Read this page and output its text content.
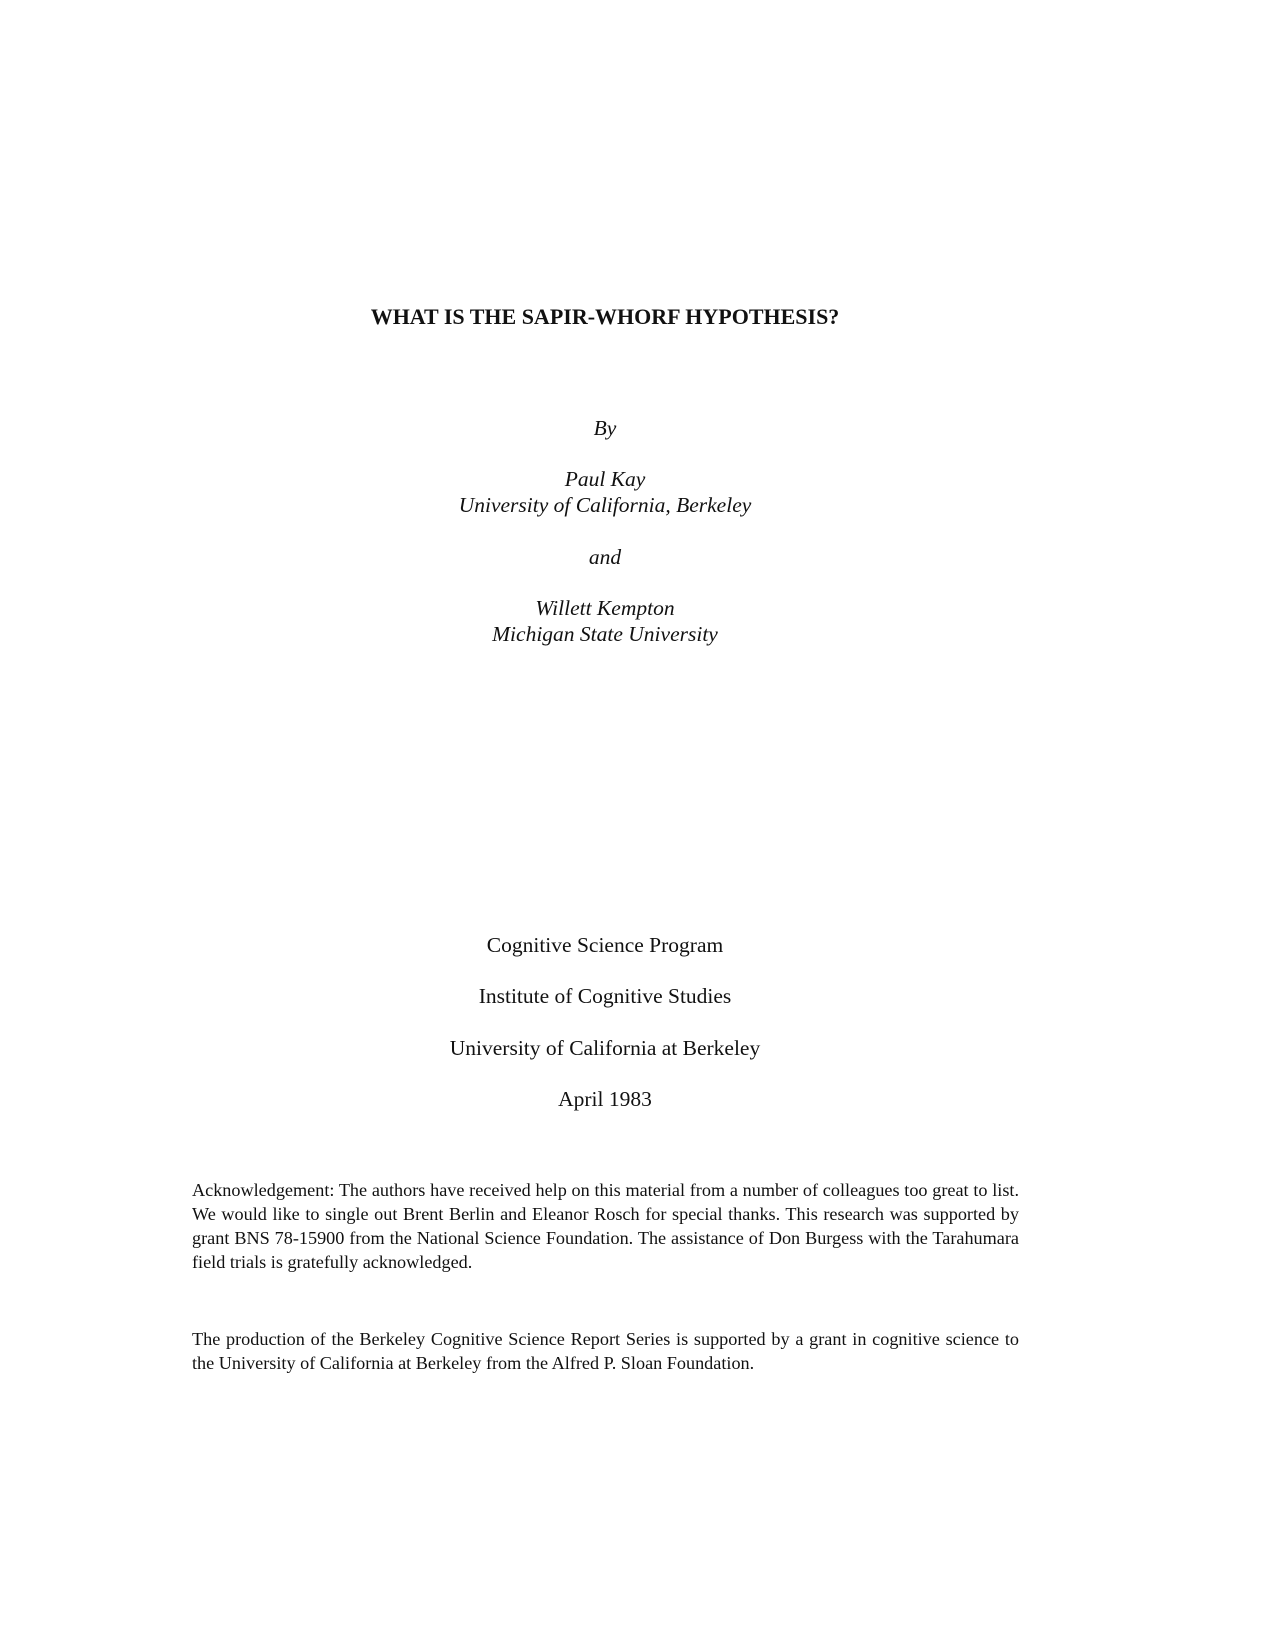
WHAT IS THE SAPIR-WHORF HYPOTHESIS?
By
Paul Kay
University of California, Berkeley
and
Willett Kempton
Michigan State University
Cognitive Science Program
Institute of Cognitive Studies
University of California at Berkeley
April 1983
Acknowledgement: The authors have received help on this material from a number of colleagues too great to list. We would like to single out Brent Berlin and Eleanor Rosch for special thanks. This research was supported by grant BNS 78-15900 from the National Science Foundation. The assistance of Don Burgess with the Tarahumara field trials is gratefully acknowledged.
The production of the Berkeley Cognitive Science Report Series is supported by a grant in cognitive science to the University of California at Berkeley from the Alfred P. Sloan Foundation.
